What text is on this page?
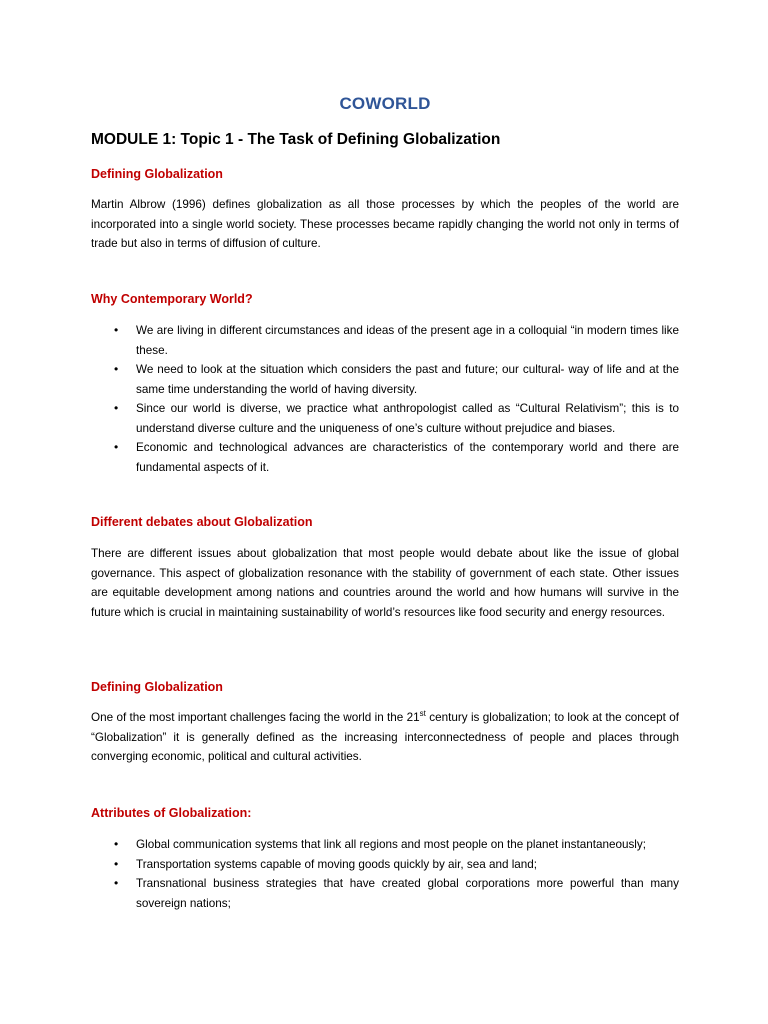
COWORLD
MODULE 1: Topic 1 - The Task of Defining Globalization
Defining Globalization
Martin Albrow (1996) defines globalization as all those processes by which the peoples of the world are incorporated into a single world society. These processes became rapidly changing the world not only in terms of trade but also in terms of diffusion of culture.
Why Contemporary World?
• We are living in different circumstances and ideas of the present age in a colloquial “in modern times like these.
• We need to look at the situation which considers the past and future; our cultural- way of life and at the same time understanding the world of having diversity.
• Since our world is diverse, we practice what anthropologist called as “Cultural Relativism”; this is to understand diverse culture and the uniqueness of one’s culture without prejudice and biases.
• Economic and technological advances are characteristics of the contemporary world and there are fundamental aspects of it.
Different debates about Globalization
There are different issues about globalization that most people would debate about like the issue of global governance. This aspect of globalization resonance with the stability of government of each state. Other issues are equitable development among nations and countries around the world and how humans will survive in the future which is crucial in maintaining sustainability of world’s resources like food security and energy resources.
Defining Globalization
One of the most important challenges facing the world in the 21st century is globalization; to look at the concept of “Globalization” it is generally defined as the increasing interconnectedness of people and places through converging economic, political and cultural activities.
Attributes of Globalization:
• Global communication systems that link all regions and most people on the planet instantaneously;
• Transportation systems capable of moving goods quickly by air, sea and land;
• Transnational business strategies that have created global corporations more powerful than many sovereign nations;
